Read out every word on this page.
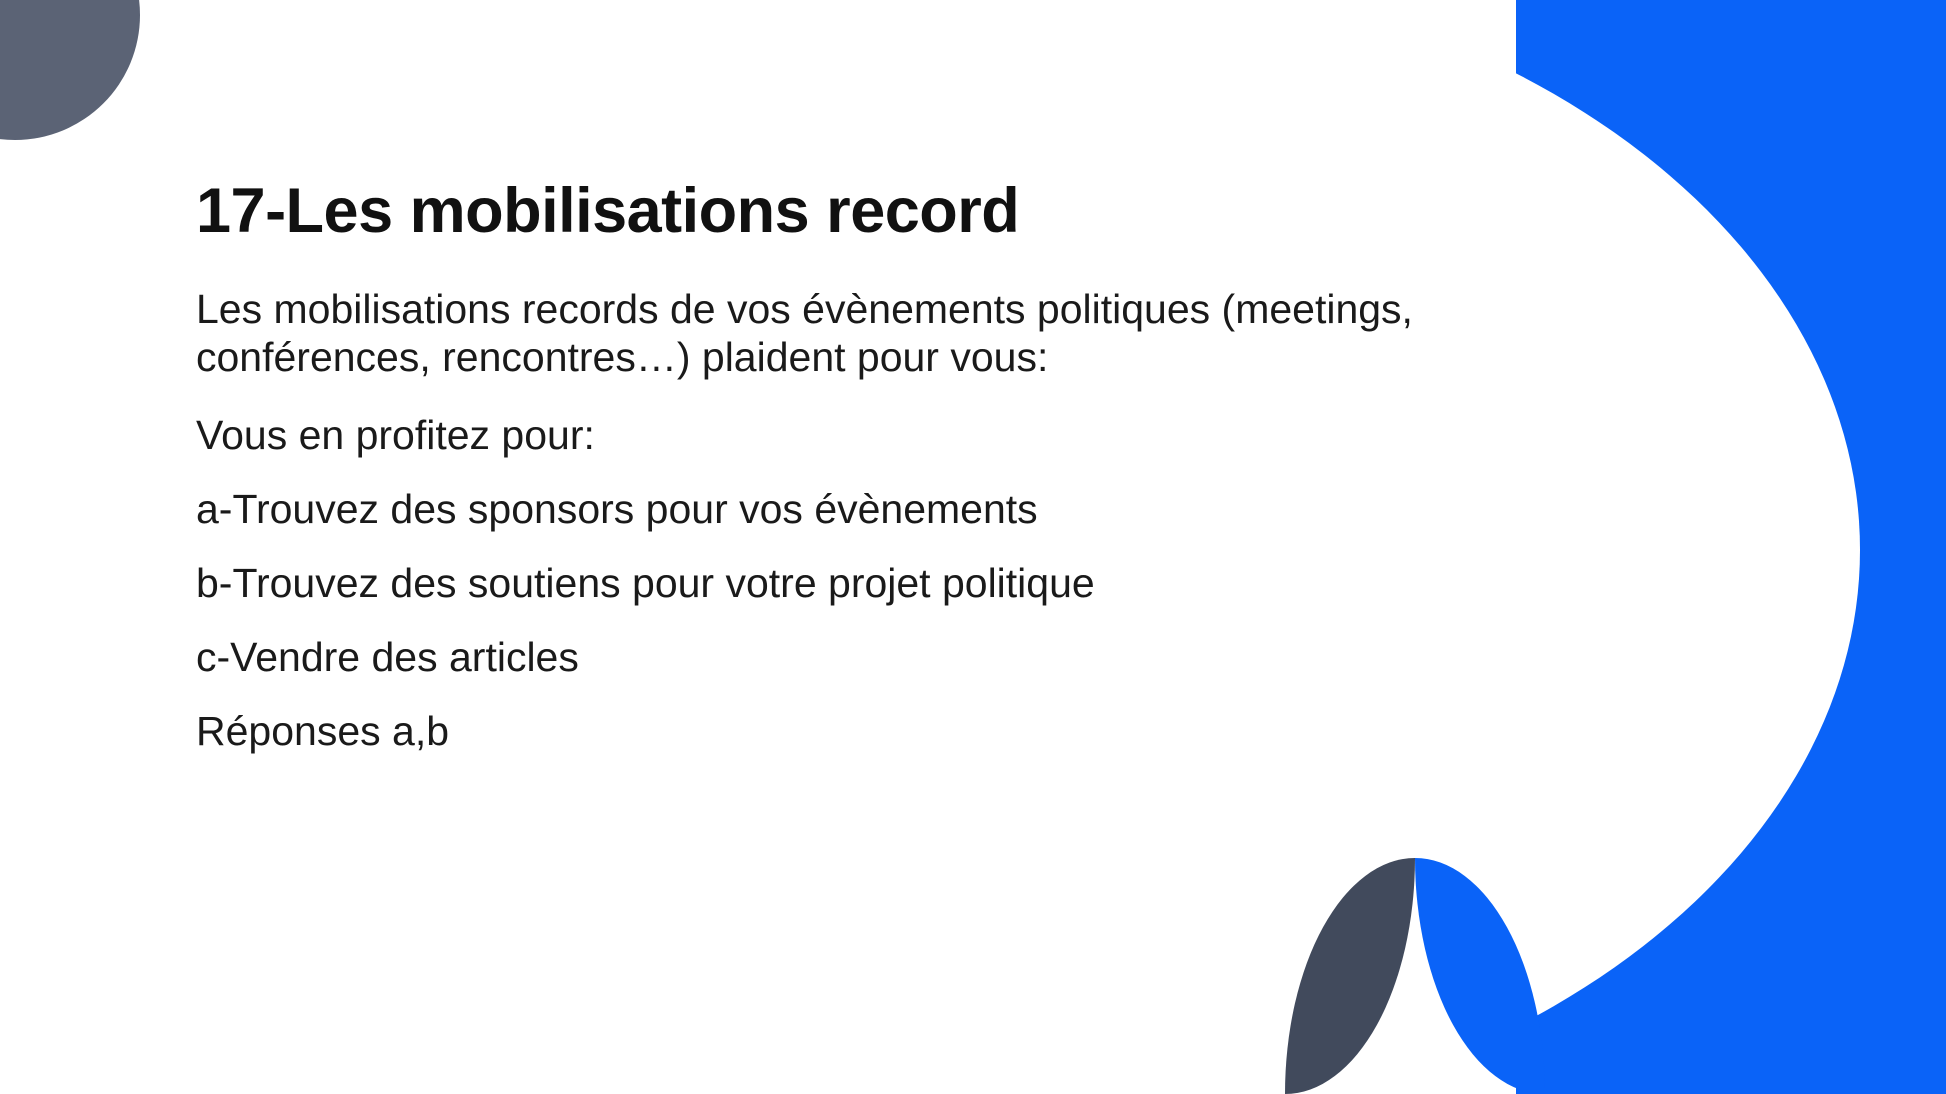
17-Les mobilisations record

Les mobilisations records de vos évènements politiques (meetings, conférences, rencontres…) plaident pour vous:

Vous en profitez pour:

a-Trouvez des sponsors pour vos évènements

b-Trouvez des soutiens pour votre projet politique

c-Vendre des articles

Réponses a,b
